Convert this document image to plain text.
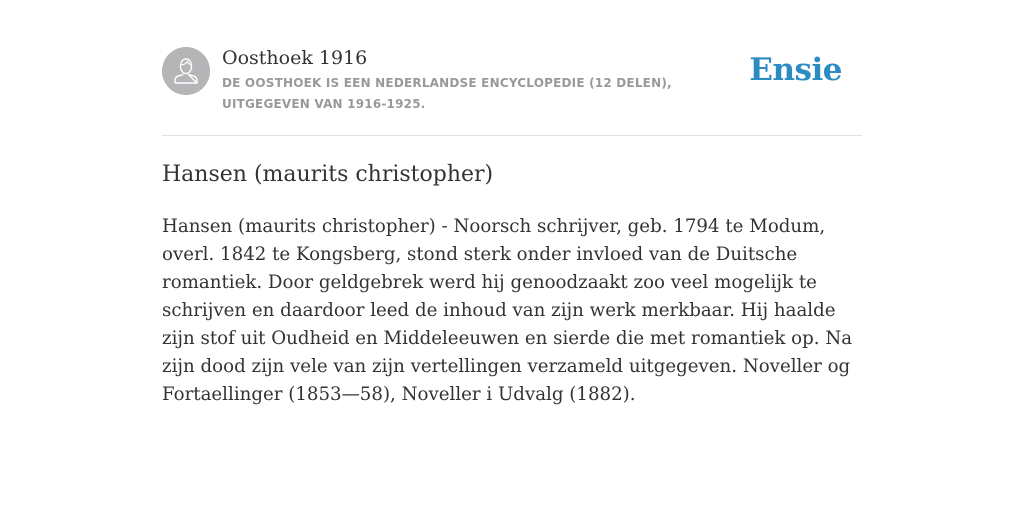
Oosthoek 1916
DE OOSTHOEK IS EEN NEDERLANDSE ENCYCLOPEDIE (12 DELEN), UITGEGEVEN VAN 1916-1925.
Ensie
Hansen (maurits christopher)

Hansen (maurits christopher) - Noorsch schrijver, geb. 1794 te Modum, overl. 1842 te Kongsberg, stond sterk onder invloed van de Duitsche romantiek. Door geldgebrek werd hij genoodzaakt zoo veel mogelijk te schrijven en daardoor leed de inhoud van zijn werk merkbaar. Hij haalde zijn stof uit Oudheid en Middeleeuwen en sierde die met romantiek op. Na zijn dood zijn vele van zijn vertellingen verzameld uitgegeven. Noveller og Fortaellinger (1853—58), Noveller i Udvalg (1882).
